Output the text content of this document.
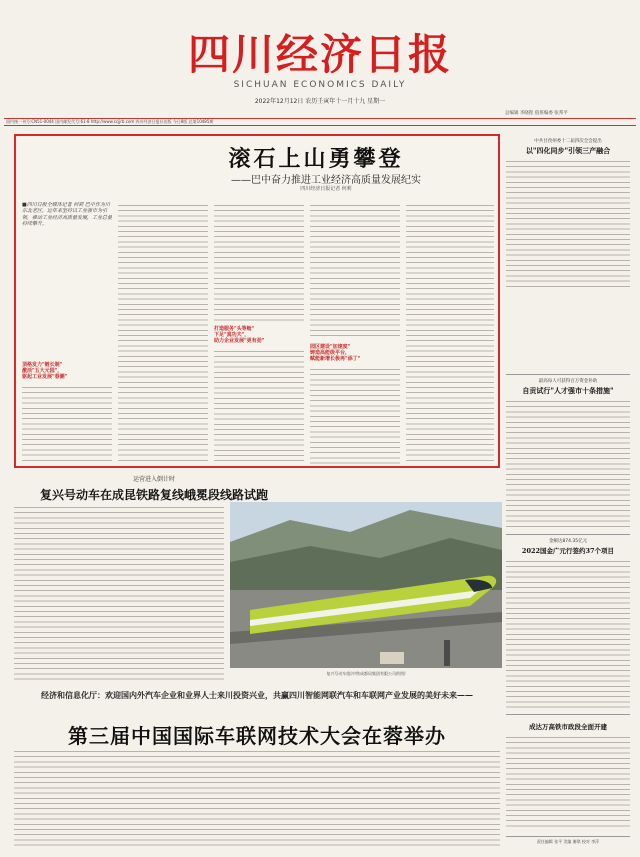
四川经济日报
SICHUAN ECONOMICS DAILY
2022年12月12日 农历壬寅年十一月十九 星期一
总编辑 李晓程 值班编委 张邦平
国内统一刊号:CN51-0044 国内邮发代号:61-8 http://www.scjjrb.com 四川经济日报社出版 今日8版 总第10485期
滚石上山勇攀登
——巴中奋力推进工业经济高质量发展纪实
四川经济日报记者 何莉
■四川日报全媒体记者 何莉 巴中作为川东北老区，近年来坚持以工业强市为引领，推动工业经济高质量发展，工业总量持续攀升。
顶格发力"链长制"
激活"五大元园"，
驱起工业发展"春潮"
打造服务"头等舱"
下足"真功夫"，
助力企业发展"更有劲"
园区建设"加速度"
铸造高能级平台，
赋能新增长极再"添丁"
中共甘孜州委十二届四次全会提出
以"四化同步"引领三产融合
最高每人可获得百万资金补助
自贡试行"人才强市十条措施"
金额达874.35亿元
2022国金广元行签约37个项目
成达万高铁市政段全面开建
运营进入倒计时
复兴号动车在成昆铁路复线峨冕段线路试跑
复兴号动车组(中铁成都局集团有限公司供图)
经济和信息化厅：欢迎国内外汽车企业和业界人士来川投资兴业，共赢四川智能网联汽车和车联网产业发展的美好未来——
第三届中国国际车联网技术大会在蓉举办
责任编辑 张平 美编 谢琪 校对 李萍
